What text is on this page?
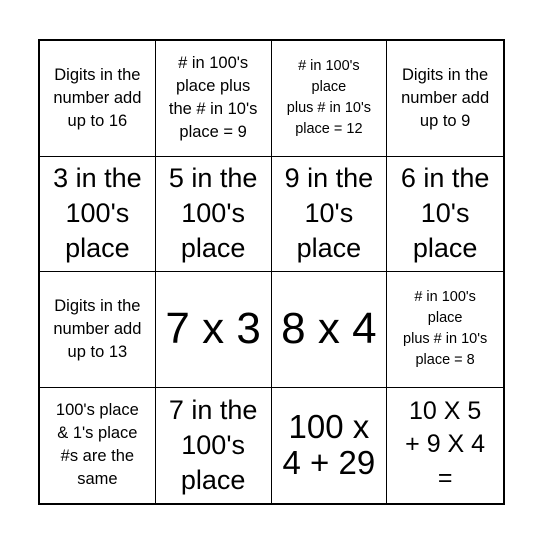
Digits in the
number add
up to 16
# in 100's
place plus
the # in 10's
place = 9
# in 100's
place
plus # in 10's
place = 12
Digits in the
number add
up to 9
3 in the
100's
place
5 in the
100's
place
9 in the
10's
place
6 in the
10's
place
Digits in the
number add
up to 13 7 x 3 8 x 4
# in 100's
place
plus # in 10's
place = 8
100's place
& 1's place
#s are the
same
7 in the
100's
place
100 x
4 + 29
10 X 5
+ 9 X 4
=
